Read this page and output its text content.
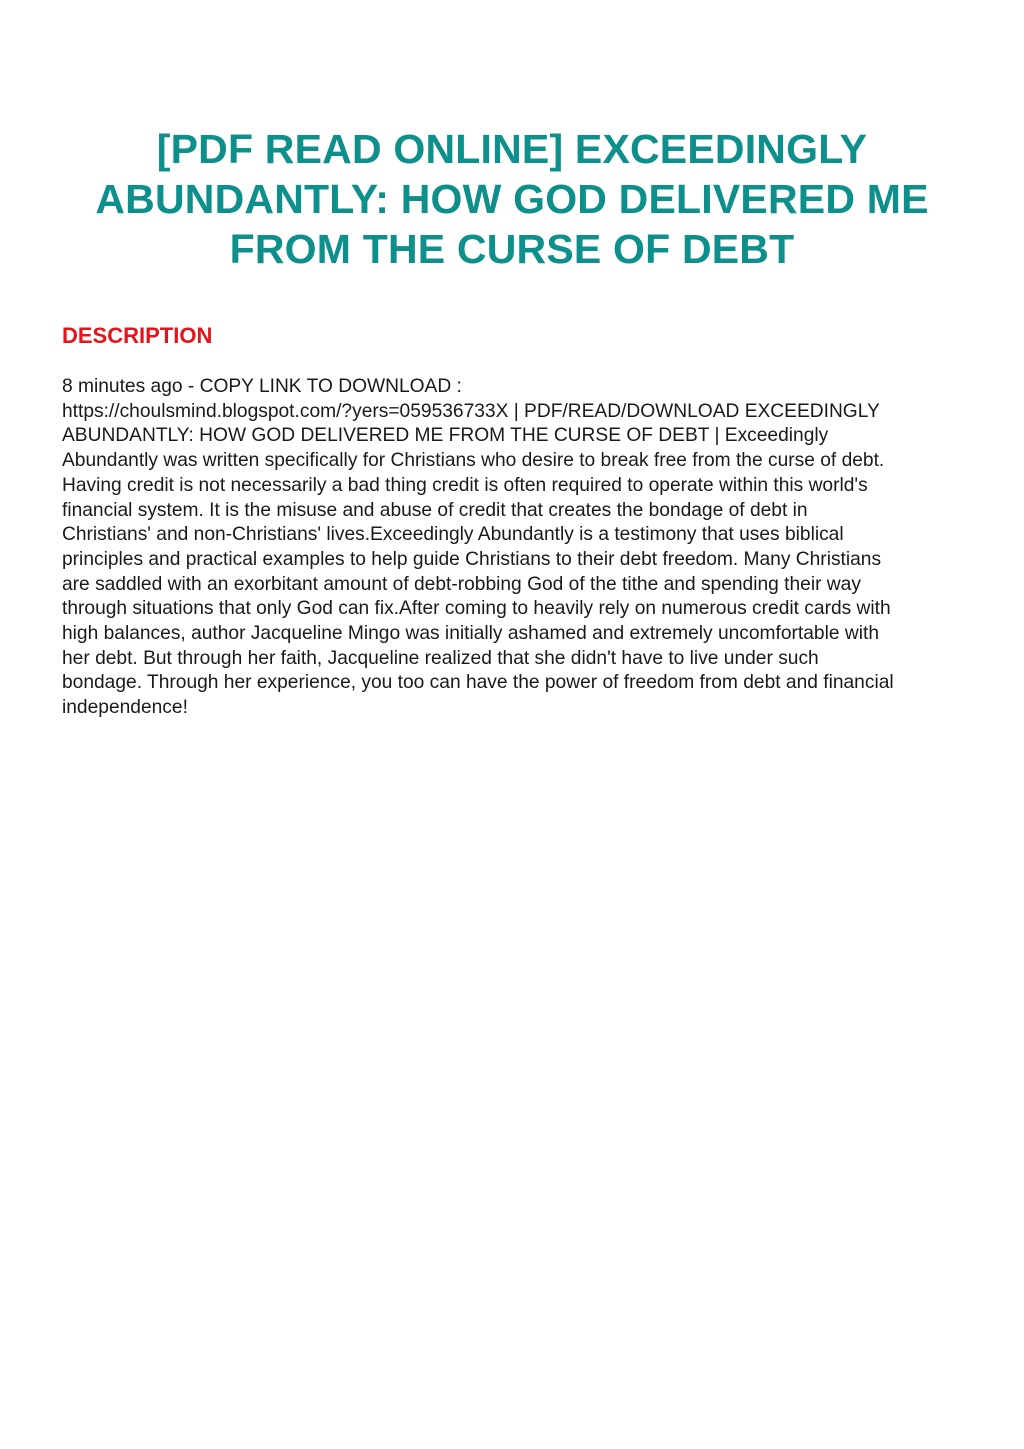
[PDF READ ONLINE] EXCEEDINGLY
ABUNDANTLY: HOW GOD DELIVERED ME
FROM THE CURSE OF DEBT
DESCRIPTION
8 minutes ago - COPY LINK TO DOWNLOAD :
https://choulsmind.blogspot.com/?yers=059536733X | PDF/READ/DOWNLOAD EXCEEDINGLY
ABUNDANTLY: HOW GOD DELIVERED ME FROM THE CURSE OF DEBT | Exceedingly
Abundantly was written specifically for Christians who desire to break free from the curse of debt.
Having credit is not necessarily a bad thing credit is often required to operate within this world's
financial system. It is the misuse and abuse of credit that creates the bondage of debt in
Christians' and non-Christians' lives.Exceedingly Abundantly is a testimony that uses biblical
principles and practical examples to help guide Christians to their debt freedom. Many Christians
are saddled with an exorbitant amount of debt-robbing God of the tithe and spending their way
through situations that only God can fix.After coming to heavily rely on numerous credit cards with
high balances, author Jacqueline Mingo was initially ashamed and extremely uncomfortable with
her debt. But through her faith, Jacqueline realized that she didn't have to live under such
bondage. Through her experience, you too can have the power of freedom from debt and financial
independence!
